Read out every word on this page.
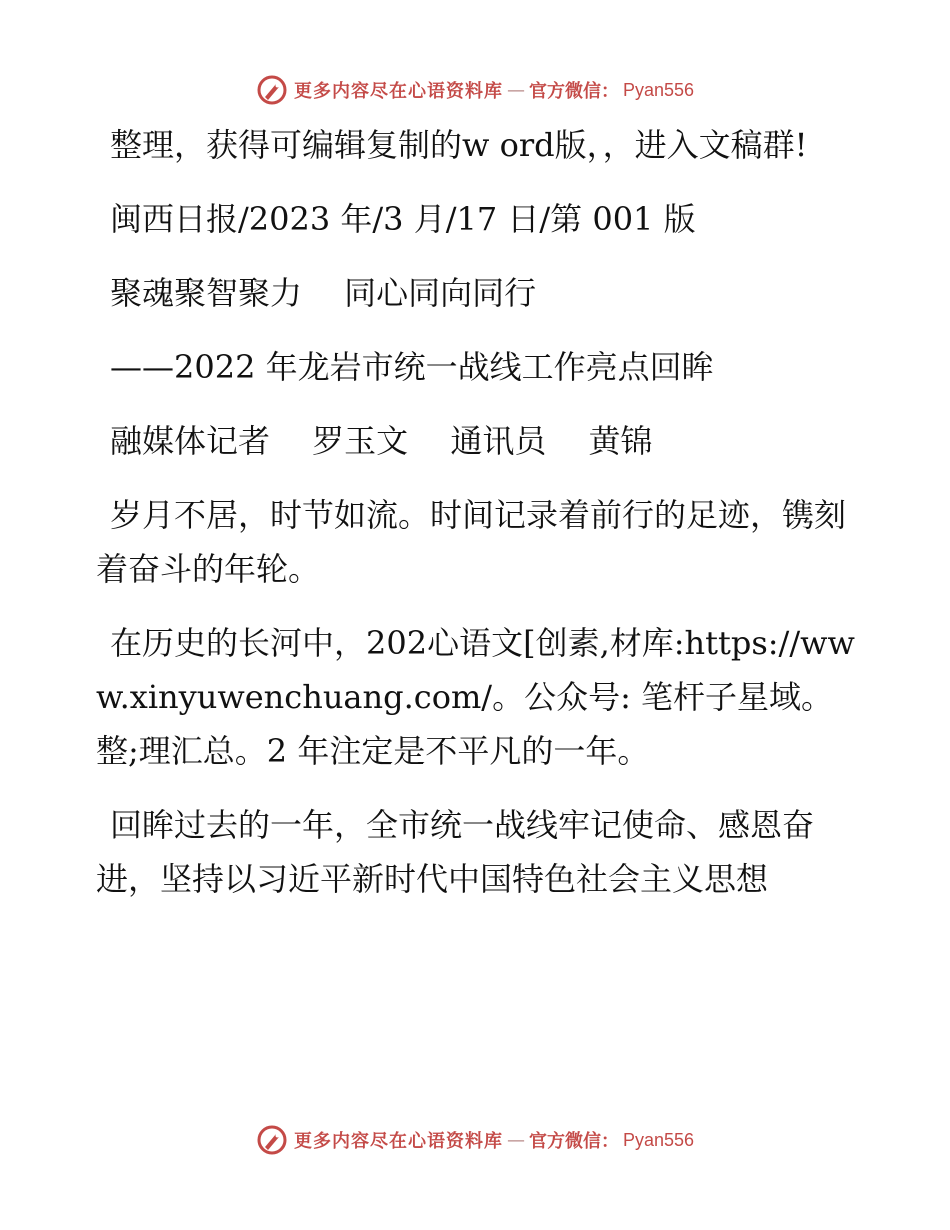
更多内容尽在心语资料库 — 官方微信： Pyan556

整理，获得可编辑复制的w ord版，，进入文稿群!

闽西日报/2023 年/3 月/17 日/第 001 版

聚魂聚智聚力　 同心同向同行

——2022 年龙岩市统一战线工作亮点回眸

融媒体记者　 罗玉文　 通讯员　 黄锦

岁月不居，时节如流。时间记录着前行的足迹，镌刻着奋斗的年轮。

在历史的长河中，202心语文[创素,材库:https://www.xinyuwenchuang.com/。公众号: 笔杆子星域。整;理汇总。2 年注定是不平凡的一年。

回眸过去的一年，全市统一战线牢记使命、感恩奋进，坚持以习近平新时代中国特色社会主义思想

更多内容尽在心语资料库 — 官方微信： Pyan556
